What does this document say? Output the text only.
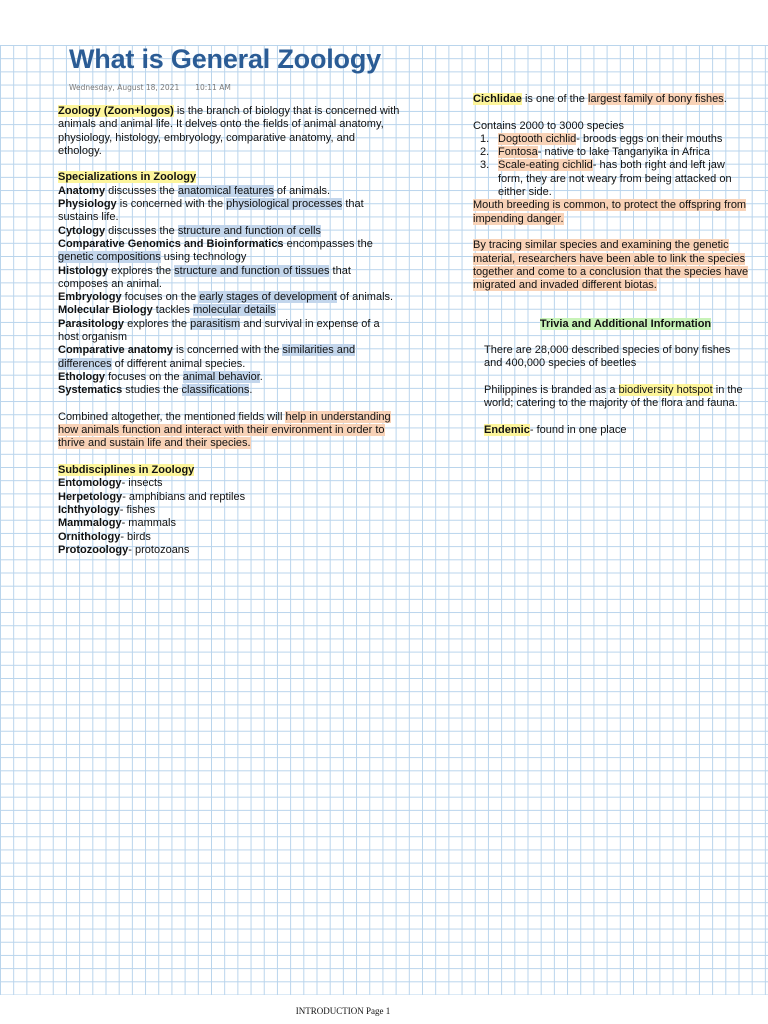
What is General Zoology
Wednesday, August 18, 2021 10:11 AM
Zoology (Zoon+logos) is the branch of biology that is concerned with
animals and animal life. It delves onto the fields of animal anatomy,
physiology, histology, embryology, comparative anatomy, and
ethology.
Specializations in Zoology
Anatomy discusses the anatomical features of animals.
Physiology is concerned with the physiological processes that
sustains life.
Cytology discusses the structure and function of cells
Comparative Genomics and Bioinformatics encompasses the
genetic compositions using technology
Histology explores the structure and function of tissues that
composes an animal.
Embryology focuses on the early stages of development of animals.
Molecular Biology tackles molecular details
Parasitology explores the parasitism and survival in expense of a
host organism
Comparative anatomy is concerned with the similarities and
differences of different animal species.
Ethology focuses on the animal behavior.
Systematics studies the classifications.
Combined altogether, the mentioned fields will help in understanding
how animals function and interact with their environment in order to
thrive and sustain life and their species.
Subdisciplines in Zoology
Entomology- insects
Herpetology- amphibians and reptiles
Ichthyology- fishes
Mammalogy- mammals
Ornithology- birds
Protozoology- protozoans
Cichlidae is one of the largest family of bony fishes.
Contains 2000 to 3000 species
1. Dogtooth cichlid- broods eggs on their mouths
2. Fontosa- native to lake Tanganyika in Africa
3. Scale-eating cichlid- has both right and left jaw
form, they are not weary from being attacked on
either side.
Mouth breeding is common, to protect the offspring from
impending danger.
By tracing similar species and examining the genetic
material, researchers have been able to link the species
together and come to a conclusion that the species have
migrated and invaded different biotas.
Trivia and Additional Information
There are 28,000 described species of bony fishes
and 400,000 species of beetles
Philippines is branded as a biodiversity hotspot in the
world; catering to the majority of the flora and fauna.
Endemic- found in one place
INTRODUCTION Page 1
